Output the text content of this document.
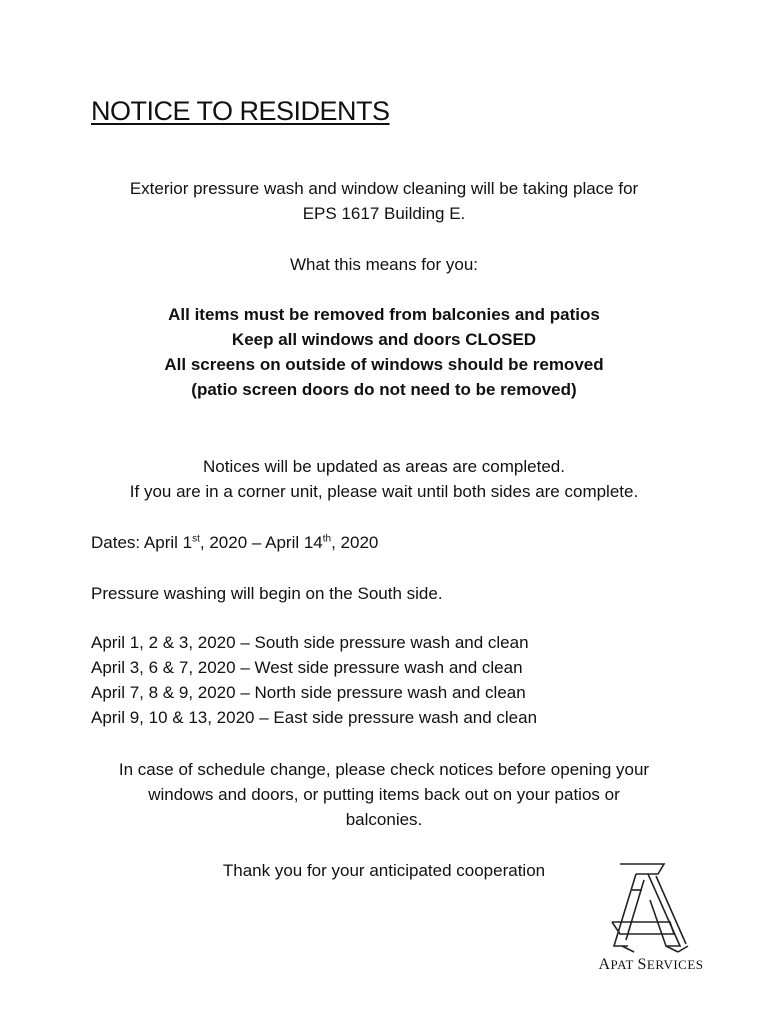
NOTICE TO RESIDENTS
Exterior pressure wash and window cleaning will be taking place for
EPS 1617 Building E.
What this means for you:
All items must be removed from balconies and patios
Keep all windows and doors CLOSED
All screens on outside of windows should be removed
(patio screen doors do not need to be removed)
Notices will be updated as areas are completed.
If you are in a corner unit, please wait until both sides are complete.
Dates: April 1st, 2020 – April 14th, 2020
Pressure washing will begin on the South side.
April 1, 2 & 3, 2020 – South side pressure wash and clean
April 3, 6 & 7, 2020 – West side pressure wash and clean
April 7, 8 & 9, 2020 – North side pressure wash and clean
April 9, 10 & 13, 2020 – East side pressure wash and clean
In case of schedule change, please check notices before opening your
windows and doors, or putting items back out on your patios or
balconies.
Thank you for your anticipated cooperation
APAT SERVICES
